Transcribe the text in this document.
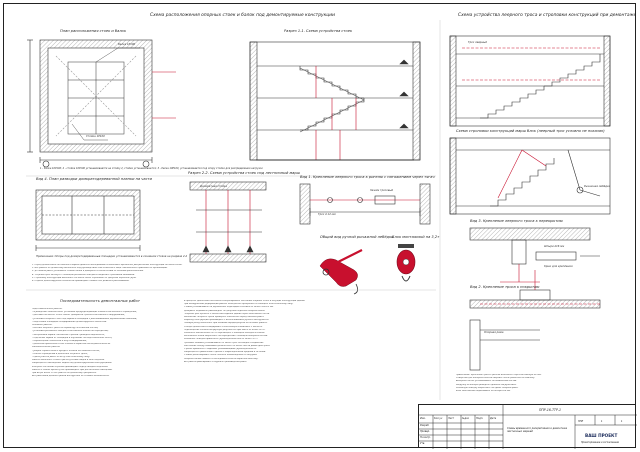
Схема расположения опорных стоек и балок под демонтируемые конструкции	Схема устройства леерного троса и строповки конструкций при демонтаже
План расположения стоек и балок	Разрез 1-1. Схема устройства стоек
Вид 4. План разводки домкратодеревянной планки на части
Разрез 2-2. Схема устройства стоек под лестничный марш
Вид 1. Крепление леерного троса к ригелю с натяжением через тягач
Общий вид ручной рычажной лебёдки
Блок монтажный на 3,2т
Схема строповки конструкций марш блок (леерный трос условно не показан)
Вид 3. Крепление леерного троса к перекрытию
Вид 2. Крепление троса к покрытию
Последовательность демонтажных работ
Балка 1Р100
Стойка 1Р100
Домкратная стойка
Трос d 12 мм
Зажим тросовый
Трос леерный
Штыри d16 мм
Рычажная лебёдка
Крюк для крепления
Опорная рама
1 - балка 10Р100; 2 - стойка 10Р100 устанавливается на стойку 2, стойки устанавливаются; 3 - балка 10Р100, устанавливается под опору стойки для распределения нагрузки
Примечание: Опоры под домкратодеревянные площадки устанавливаются в основном стояке на разрезе 2-2
1. Перед демонтажем лестничного марша провести обследование и выполнить временное раскрепление конструкций согласно схеме.
2. Все работы по демонтажу выполнять под руководством ответственного лица, назначенного приказом по организации.
3. До начала работ установить стойки, балки и домкраты в соответствии со схемами расположения.
4. Леерный трос натянуть с помощью рычажной лебёдки и закрепить тросовыми зажимами.
5. Строповку конструкций выполнять согласно схеме строповки, не допуская перекоса груза.
6. Подъём демонтируемых элементов производить плавно, без рывков и раскачивания.
Подготовительные работы:
- ограждение опасной зоны, установка предупреждающих знаков и сигнального ограждения;
- доставка на объект стоек, балок, домкратов, тросов и монтажного оборудования;
- установка опорных стоек под марши и площадки с расклиниванием деревянными клиньями;
- подготовка площадки складирования демонтируемых элементов.
Основные работы:
- монтаж леерного троса по периметру лестничной клетки;
- установка рычажных лебёдок и монтажных блоков на перекрытии;
- застроповка марша, натяжение стропов, проверка надёжности;
- отделение марша от площадки и опускание на подготовленное место;
- перемещение элементов в зону складирования;
- демонтаж временных стоек и балок в обратной последовательности.
Заключительные работы:
- уборка строительного мусора с этажей лестничной клетки;
- снятие ограждений и демонтаж леерного троса;
- сдача участка работ по акту ответственному лицу.
Работы выполнять только при отсутствии людей в зоне подъёма.
Запрещается нахождение людей под демонтируемыми конструкциями.
Контроль состояния стропов производить перед каждым подъёмом.
Работы в тёмное время суток производить при достаточном освещении.
При ветре более 10 м/с работы по демонтажу прекратить.
Все работники должны пройти инструктаж по технике безопасности.
В процессе демонтажа постоянно контролировать состояние опорных стоек и несущих конструкций здания.
При обнаружении деформаций работы немедленно прекратить и сообщить ответственному лицу.
Стойки устанавливать на деревянные подкладки сечением не менее 50х200 мм.
Домкраты поднимать равномерно, не допуская перекоса опорных балок.
Леерный трос крепить к элементам каркаса здания через монтажные петли.
Натяжение леерного троса проверять ежесменно перед началом работ.
Разрезку конструкций производить с использованием ручного инструмента.
Газовую резку выполнять при наличии наряда-допуска на огневые работы.
Отходы демонтажа складировать в контейнеры и вывозить с объекта.
Перемещение элементов вручную допускается при массе не более 50 кг.
Элементы массой более 50 кг перемещать с помощью лебёдок и блоков.
Монтажные блоки закреплять на перекрытии с помощью анкерных болтов.
Рычажные лебёдки применять грузоподъёмностью не менее 3,2 т.
Тросовые зажимы устанавливать не менее трёх на каждое соединение.
Расстояние между зажимами должно быть не менее шести диаметров троса.
Стропы применять с бирками, указывающими грузоподъёмность.
Запрещается применение стропов с повреждёнными прядями и петлями.
Стойки демонтировать после полного освобождения от нагрузки.
Опорные балки снимать в последовательности обратной монтажу.
Все работы фиксировать в журнале производства работ.
Примечание: крепление троса к ригелю выполнять через монтажную петлю.
Отверстия для анкерных болтов сверлить после разметки по шаблону.
Анкерные болты устанавливать на химический состав.
Нагрузку на анкера проверять пробным нагружением.
Рычажную лебёдку закреплять на крюке опорной рамы.
Блок монтажный подвешивать на штыри d16 мм.
Изм.	Кол.уч Лист	№док	Подп.	Дата
Разраб.
Провер.
Н.контр.
Утв.
ППР-16-ТТР-1
Схемы временного раскрепления и демонтажа лестничных маршей
ППР	1	1
ВАШ ПРОЕКТ
Проектирование и согласование
